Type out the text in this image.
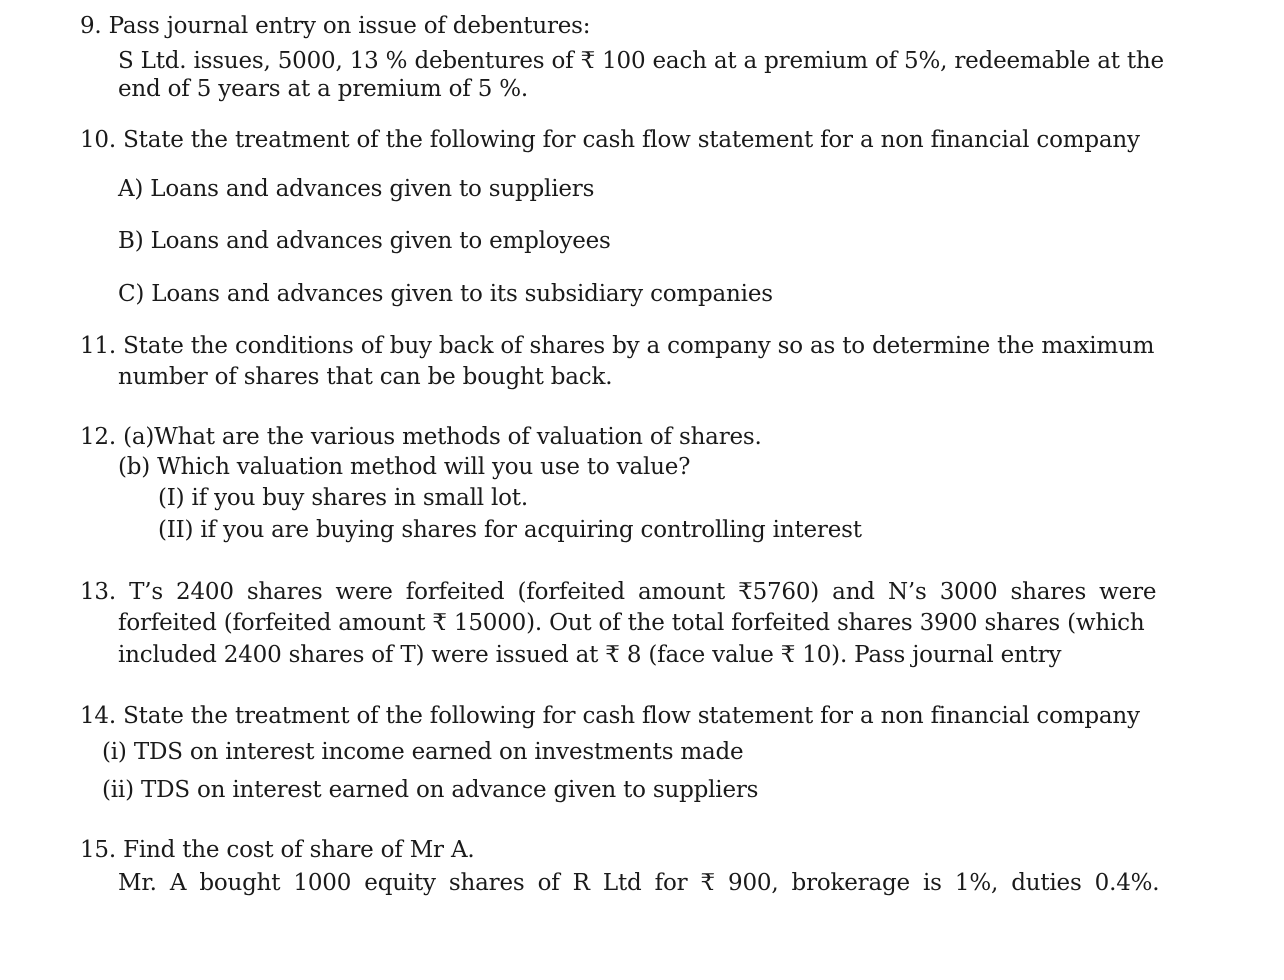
9. Pass journal entry on issue of debentures:
S Ltd. issues, 5000, 13 % debentures of ₹ 100 each at a premium of 5%, redeemable at the
end of 5 years at a premium of 5 %.
10. State the treatment of the following for cash flow statement for a non financial company
A) Loans and advances given to suppliers
B) Loans and advances given to employees
C) Loans and advances given to its subsidiary companies
11. State the conditions of buy back of shares by a company so as to determine the maximum
number of shares that can be bought back.
12. (a)What are the various methods of valuation of shares.
(b) Which valuation method will you use to value?
(I) if you buy shares in small lot.
(II) if you are buying shares for acquiring controlling interest
13. T’s 2400 shares were forfeited (forfeited amount ₹5760) and N’s 3000 shares were
forfeited (forfeited amount ₹ 15000). Out of the total forfeited shares 3900 shares (which
included 2400 shares of T) were issued at ₹ 8 (face value ₹ 10). Pass journal entry
14. State the treatment of the following for cash flow statement for a non financial company
(i) TDS on interest income earned on investments made
(ii) TDS on interest earned on advance given to suppliers
15. Find the cost of share of Mr A.
Mr. A bought 1000 equity shares of R Ltd for ₹ 900, brokerage is 1%, duties 0.4%.
